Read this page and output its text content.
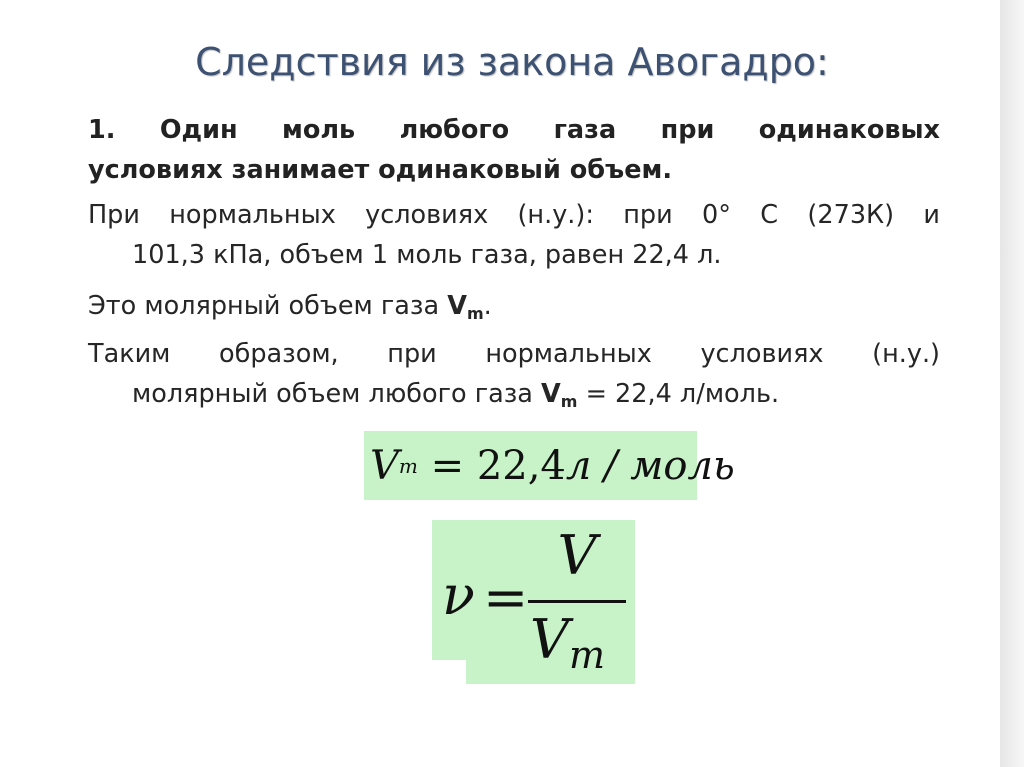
Следствия из закона Авогадро:
1. Один моль любого газа при одинаковых
условиях занимает одинаковый объем.
При нормальных условиях (н.у.): при 0° С (273К) и
101,3 кПа, объем 1 моль газа, равен 22,4 л.
Это молярный объем газа $V_m$.
Таким образом, при нормальных условиях (н.у.)
молярный объем любого газа $V_m = 22,4$ л/моль.
V m = 22,4 л / моль
ν =
V
$V_m$
